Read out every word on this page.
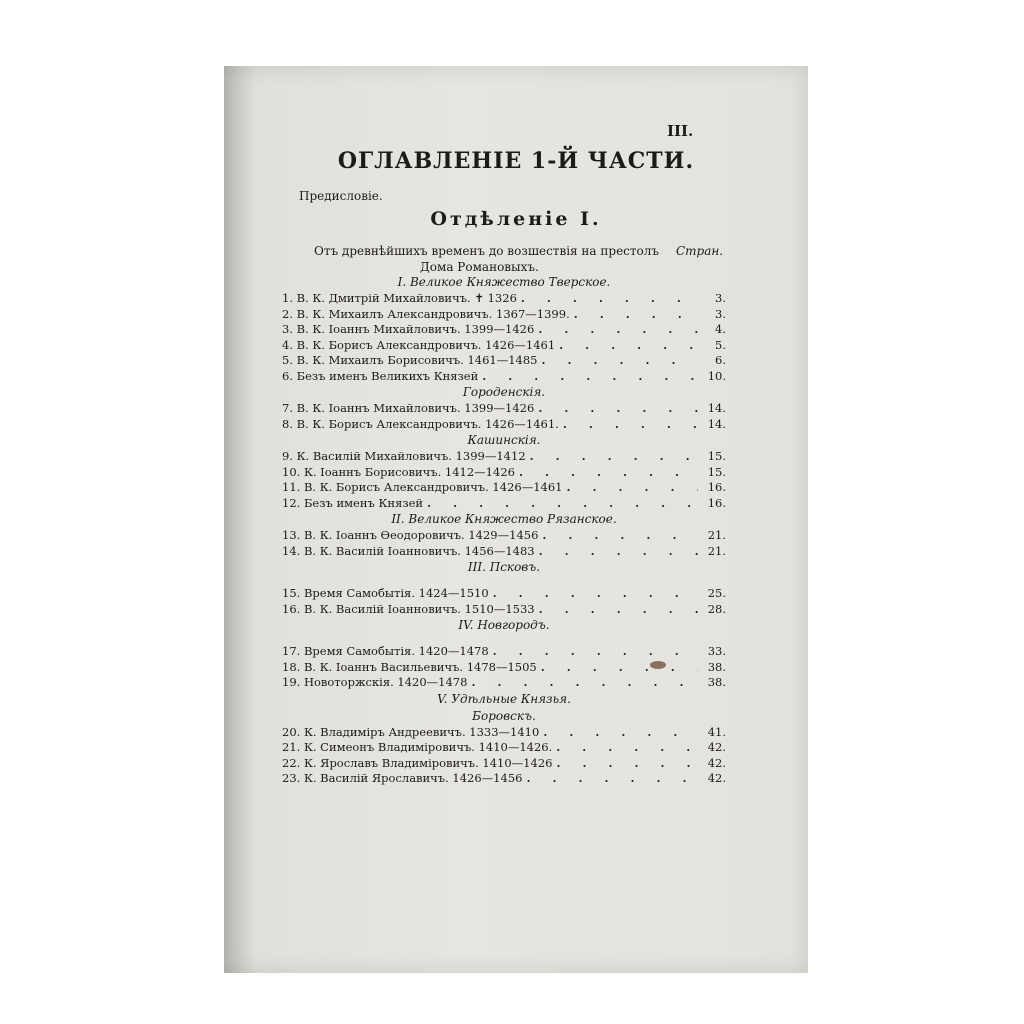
III.
ОГЛАВЛЕНІЕ 1-Й ЧАСТИ.
Предисловіе.
Отдѣленіе I.
Отъ древнѣйшихъ временъ до возшествія на престолъ
Дома Романовыхъ.
Стран.
I. Великое Княжество Тверское.
1. В. К. Дмитрій Михайловичъ. ✝ 1326 . . .	3.
2. В. К. Михаилъ Александровичъ. 1367—1399. . . .	3.
3. В. К. Іоаннъ Михайловичъ. 1399—1426 . . .	4.
4. В. К. Борисъ Александровичъ. 1426—1461 . . .	5.
5. В. К. Михаилъ Борисовичъ. 1461—1485 . . .	6.
6. Безъ именъ Великихъ Князей . . .	10.
Городенскія.
7. В. К. Іоаннъ Михайловичъ. 1399—1426 . . .	14.
8. В. К. Борисъ Александровичъ. 1426—1461. . . .	14.
Кашинскія.
9. К. Василій Михайловичъ. 1399—1412 . . .	15.
10. К. Іоаннъ Борисовичъ. 1412—1426 . . .	15.
11. В. К. Борисъ Александровичъ. 1426—1461 . . .	16.
12. Безъ именъ Князей . . .	16.
II. Великое Княжество Рязанское.
13. В. К. Іоаннъ Ѳеодоровичъ. 1429—1456 . . .	21.
14. В. К. Василій Іоанновичъ. 1456—1483 . . .	21.
III. Псковъ.
15. Время Самобытія. 1424—1510 . . .	25.
16. В. К. Василій Іоанновичъ. 1510—1533 . . .	28.
IV. Новгородъ.
17. Время Самобытія. 1420—1478 . . .	33.
18. В. К. Іоаннъ Васильевичъ. 1478—1505 . . .	38.
19. Новоторжскія. 1420—1478 . . .	38.
V. Удѣльные Князья.
Боровскъ.
20. К. Владиміръ Андреевичъ. 1333—1410 . . .	41.
21. К. Симеонъ Владиміровичъ. 1410—1426. . . .	42.
22. К. Ярославъ Владиміровичъ. 1410—1426 . . .	42.
23. К. Василій Ярославичъ. 1426—1456 . . .	42.
